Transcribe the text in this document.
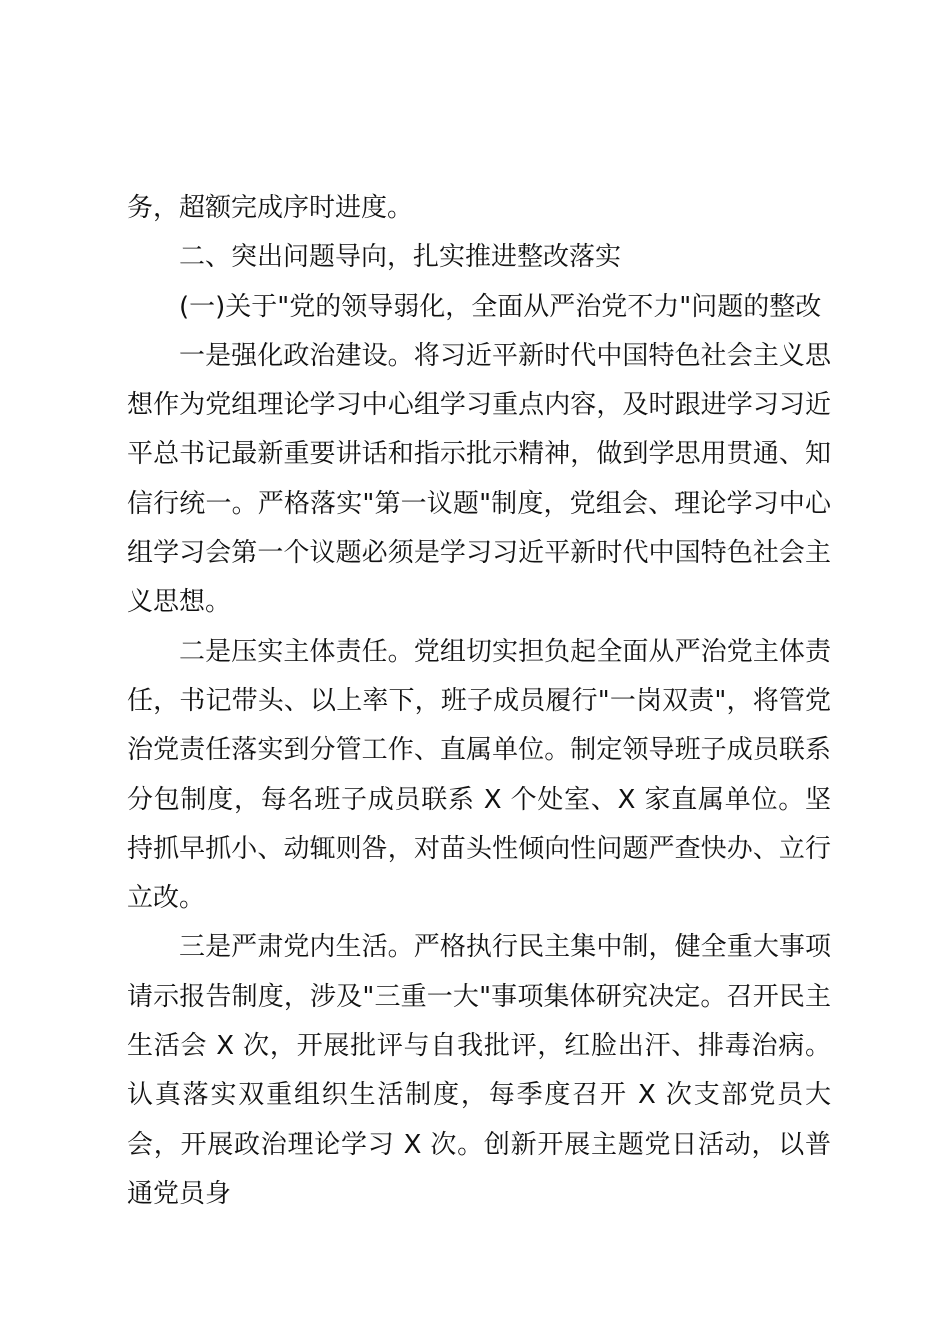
务，超额完成序时进度。

二、突出问题导向，扎实推进整改落实

(一)关于"党的领导弱化，全面从严治党不力"问题的整改

一是强化政治建设。将习近平新时代中国特色社会主义思想作为党组理论学习中心组学习重点内容，及时跟进学习习近平总书记最新重要讲话和指示批示精神，做到学思用贯通、知信行统一。严格落实"第一议题"制度，党组会、理论学习中心组学习会第一个议题必须是学习习近平新时代中国特色社会主义思想。

二是压实主体责任。党组切实担负起全面从严治党主体责任，书记带头、以上率下，班子成员履行"一岗双责"，将管党治党责任落实到分管工作、直属单位。制定领导班子成员联系分包制度，每名班子成员联系 X 个处室、X 家直属单位。坚持抓早抓小、动辄则咎，对苗头性倾向性问题严查快办、立行立改。

三是严肃党内生活。严格执行民主集中制，健全重大事项请示报告制度，涉及"三重一大"事项集体研究决定。召开民主生活会 X 次，开展批评与自我批评，红脸出汗、排毒治病。认真落实双重组织生活制度，每季度召开 X 次支部党员大会，开展政治理论学习 X 次。创新开展主题党日活动，以普通党员身
